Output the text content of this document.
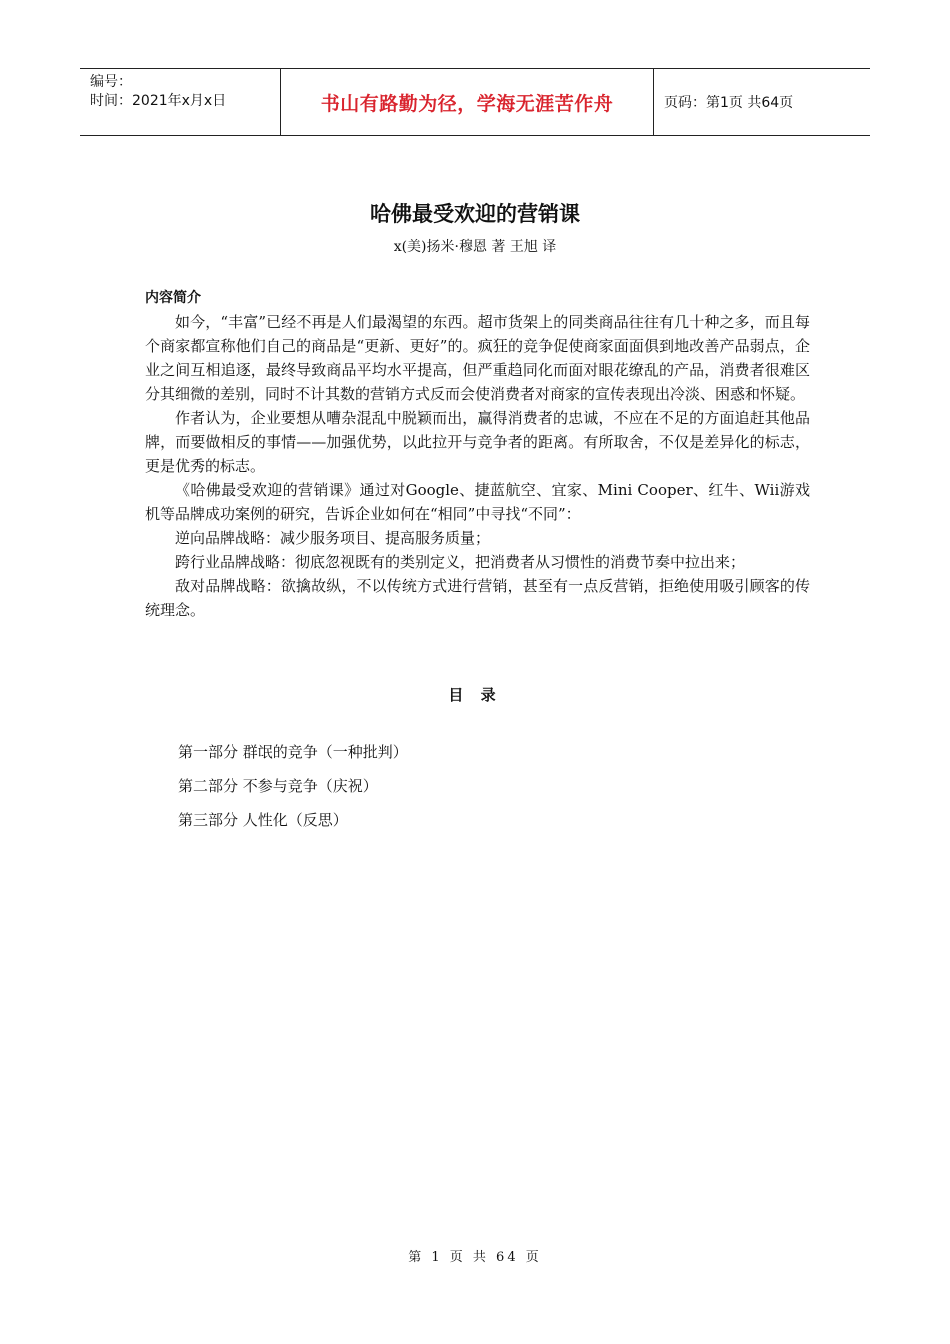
编号：
时间：2021年x月x日	书山有路勤为径，学海无涯苦作舟	页码：第1页 共64页
哈佛最受欢迎的营销课
x(美)扬米·穆恩 著 王旭 译
内容简介

如今，“丰富”已经不再是人们最渴望的东西。超市货架上的同类商品往往有几十种之多，而且每个商家都宣称他们自己的商品是“更新、更好”的。疯狂的竞争促使商家面面俱到地改善产品弱点，企业之间互相追逐，最终导致商品平均水平提高，但严重趋同化而面对眼花缭乱的产品，消费者很难区分其细微的差别，同时不计其数的营销方式反而会使消费者对商家的宣传表现出冷淡、困惑和怀疑。

作者认为，企业要想从嘈杂混乱中脱颖而出，赢得消费者的忠诚，不应在不足的方面追赶其他品牌，而要做相反的事情——加强优势，以此拉开与竞争者的距离。有所取舍，不仅是差异化的标志，更是优秀的标志。

《哈佛最受欢迎的营销课》通过对Google、捷蓝航空、宜家、Mini Cooper、红牛、Wii游戏机等品牌成功案例的研究，告诉企业如何在“相同”中寻找“不同”：

逆向品牌战略：减少服务项目、提高服务质量；

跨行业品牌战略：彻底忽视既有的类别定义，把消费者从习惯性的消费节奏中拉出来；

敌对品牌战略：欲擒故纵，不以传统方式进行营销，甚至有一点反营销，拒绝使用吸引顾客的传统理念。

目 录
第一部分 群氓的竞争（一种批判）
第二部分 不参与竞争（庆祝）
第三部分 人性化（反思）
第 1 页 共 64 页
